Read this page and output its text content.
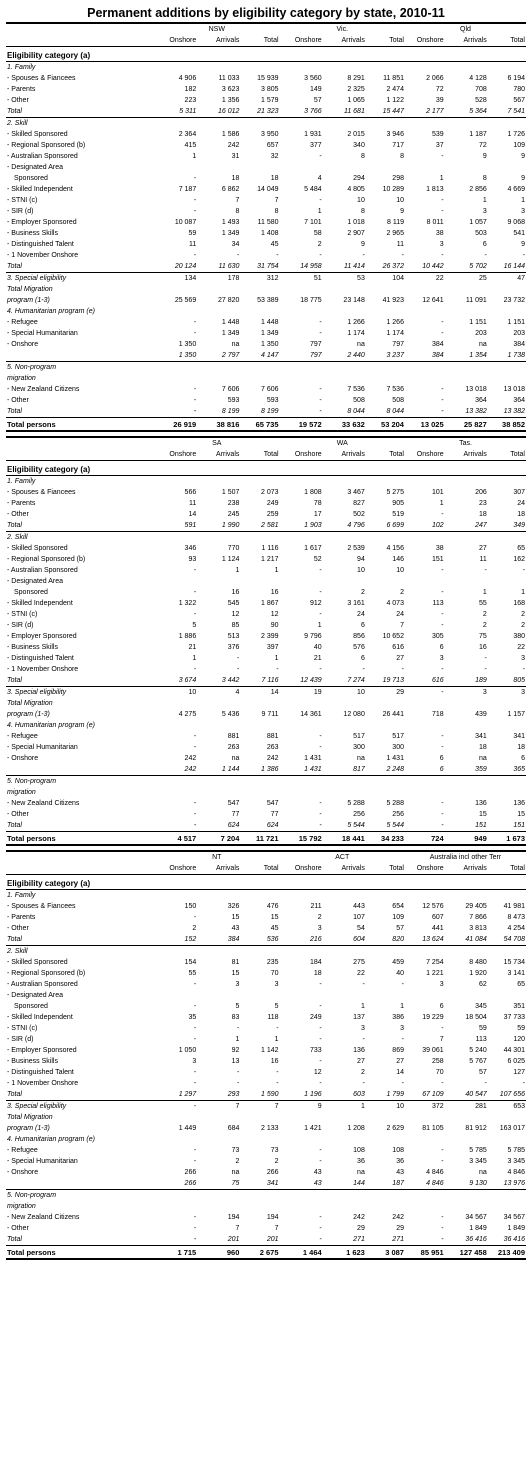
Permanent additions by eligibility category by state, 2010-11
	NSW			Vic.			Qld		
	Onshore	Arrivals	Total	Onshore	Arrivals	Total	Onshore	Arrivals	Total
Eligibility category (a)									
1. Family									
- Spouses & Fiancees	4 906	11 033	15 939	3 560	8 291	11 851	2 066	4 128	6 194
- Parents	182	3 623	3 805	149	2 325	2 474	72	708	780
- Other	223	1 356	1 579	57	1 065	1 122	39	528	567
Total	5 311	16 012	21 323	3 766	11 681	15 447	2 177	5 364	7 541
2. Skill									
- Skilled Sponsored	2 364	1 586	3 950	1 931	2 015	3 946	539	1 187	1 726
- Regional Sponsored (b)	415	242	657	377	340	717	37	72	109
- Australian Sponsored	1	31	32	-	8	8	-	9	9
- Designated Area									
Sponsored	-	18	18	4	294	298	1	8	9
- Skilled Independent	7 187	6 862	14 049	5 484	4 805	10 289	1 813	2 856	4 669
- STNI (c)	-	7	7	-	10	10	-	1	1
- SIR (d)	-	8	8	1	8	9	-	3	3
- Employer Sponsored	10 087	1 493	11 580	7 101	1 018	8 119	8 011	1 057	9 068
- Business Skills	59	1 349	1 408	58	2 907	2 965	38	503	541
- Distinguished Talent	11	34	45	2	9	11	3	6	9
- 1 November Onshore	-	-	-	-	-	-	-	-	-
Total	20 124	11 630	31 754	14 958	11 414	26 372	10 442	5 702	16 144
3. Special eligibility	134	178	312	51	53	104	22	25	47
Total Migration									
program (1-3)	25 569	27 820	53 389	18 775	23 148	41 923	12 641	11 091	23 732
4. Humanitarian program (e)									
- Refugee	-	1 448	1 448	-	1 266	1 266	-	1 151	1 151
- Special Humanitarian	-	1 349	1 349	-	1 174	1 174	-	203	203
- Onshore	1 350	na	1 350	797	na	797	384	na	384
	1 350	2 797	4 147	797	2 440	3 237	384	1 354	1 738
5. Non-program									
migration									
- New Zealand Citizens	-	7 606	7 606	-	7 536	7 536	-	13 018	13 018
- Other	-	593	593	-	508	508	-	364	364
Total	-	8 199	8 199	-	8 044	8 044	-	13 382	13 382
Total persons	26 919	38 816	65 735	19 572	33 632	53 204	13 025	25 827	38 852
	SA			WA			Tas.		
	Onshore	Arrivals	Total	Onshore	Arrivals	Total	Onshore	Arrivals	Total
Eligibility category (a)									
1. Family									
- Spouses & Fiancees	566	1 507	2 073	1 808	3 467	5 275	101	206	307
- Parents	11	238	249	78	827	905	1	23	24
- Other	14	245	259	17	502	519	-	18	18
Total	591	1 990	2 581	1 903	4 796	6 699	102	247	349
2. Skill									
- Skilled Sponsored	346	770	1 116	1 617	2 539	4 156	38	27	65
- Regional Sponsored (b)	93	1 124	1 217	52	94	146	151	11	162
- Australian Sponsored	-	1	1	-	10	10	-	-	-
- Designated Area									
Sponsored	-	16	16	-	2	2	-	1	1
- Skilled Independent	1 322	545	1 867	912	3 161	4 073	113	55	168
- STNI (c)	-	12	12	-	24	24	-	2	2
- SIR (d)	5	85	90	1	6	7	-	2	2
- Employer Sponsored	1 886	513	2 399	9 796	856	10 652	305	75	380
- Business Skills	21	376	397	40	576	616	6	16	22
- Distinguished Talent	1	-	1	21	6	27	3	-	3
- 1 November Onshore	-	-	-	-	-	-	-	-	-
Total	3 674	3 442	7 116	12 439	7 274	19 713	616	189	805
3. Special eligibility	10	4	14	19	10	29	-	3	3
Total Migration									
program (1-3)	4 275	5 436	9 711	14 361	12 080	26 441	718	439	1 157
4. Humanitarian program (e)									
- Refugee	-	881	881	-	517	517	-	341	341
- Special Humanitarian	-	263	263	-	300	300	-	18	18
- Onshore	242	na	242	1 431	na	1 431	6	na	6
	242	1 144	1 386	1 431	817	2 248	6	359	365
5. Non-program									
migration									
- New Zealand Citizens	-	547	547	-	5 288	5 288	-	136	136
- Other	-	77	77	-	256	256	-	15	15
Total	-	624	624	-	5 544	5 544	-	151	151
Total persons	4 517	7 204	11 721	15 792	18 441	34 233	724	949	1 673
	NT			ACT			Australia incl other Terr		
	Onshore	Arrivals	Total	Onshore	Arrivals	Total	Onshore	Arrivals	Total
Eligibility category (a)									
1. Family									
- Spouses & Fiancees	150	326	476	211	443	654	12 576	29 405	41 981
- Parents	-	15	15	2	107	109	607	7 866	8 473
- Other	2	43	45	3	54	57	441	3 813	4 254
Total	152	384	536	216	604	820	13 624	41 084	54 708
2. Skill									
- Skilled Sponsored	154	81	235	184	275	459	7 254	8 480	15 734
- Regional Sponsored (b)	55	15	70	18	22	40	1 221	1 920	3 141
- Australian Sponsored	-	3	3	-	-	-	3	62	65
- Designated Area									
Sponsored	-	5	5	-	1	1	6	345	351
- Skilled Independent	35	83	118	249	137	386	19 229	18 504	37 733
- STNI (c)	-	-	-	-	3	3	-	59	59
- SIR (d)	-	1	1	-	-	-	7	113	120
- Employer Sponsored	1 050	92	1 142	733	136	869	39 061	5 240	44 301
- Business Skills	3	13	16	-	27	27	258	5 767	6 025
- Distinguished Talent	-	-	-	12	2	14	70	57	127
- 1 November Onshore	-	-	-	-	-	-	-	-	-
Total	1 297	293	1 590	1 196	603	1 799	67 109	40 547	107 656
3. Special eligibility	-	7	7	9	1	10	372	281	653
Total Migration									
program (1-3)	1 449	684	2 133	1 421	1 208	2 629	81 105	81 912	163 017
4. Humanitarian program (e)									
- Refugee	-	73	73	-	108	108	-	5 785	5 785
- Special Humanitarian	-	2	2	-	36	36	-	3 345	3 345
- Onshore	266	na	266	43	na	43	4 846	na	4 846
	266	75	341	43	144	187	4 846	9 130	13 976
5. Non-program									
migration									
- New Zealand Citizens	-	194	194	-	242	242	-	34 567	34 567
- Other	-	7	7	-	29	29	-	1 849	1 849
Total	-	201	201	-	271	271	-	36 416	36 416
Total persons	1 715	960	2 675	1 464	1 623	3 087	85 951	127 458	213 409
